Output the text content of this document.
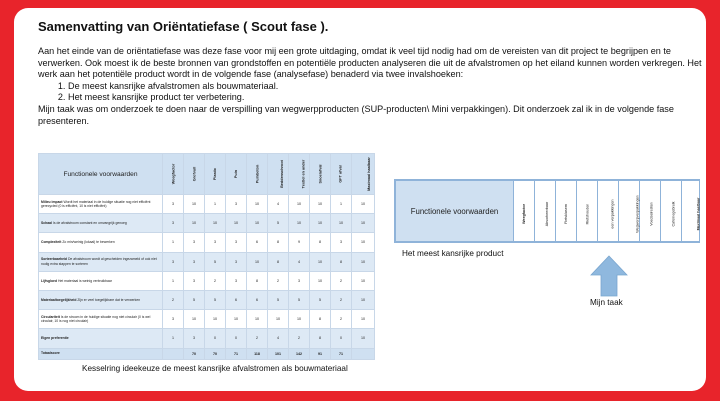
Samenvatting van Oriëntatiefase ( Scout fase ).

Aan het einde van de oriëntatiefase was deze fase voor mij een grote uitdaging, omdat ik veel tijd nodig had om de vereisten van dit project te begrijpen en te verwerken. Ook moest ik de beste bronnen van grondstoffen en potentiële producten analyseren die uit de afvalstromen op het eiland kunnen worden verkregen. Het werk aan het potentiële product wordt in de volgende fase (analysefase) benaderd via twee invalshoeken:

1. De meest kansrijke afvalstromen als bouwmateriaal.
2. Het meest kansrijke product ter verbetering.

Mijn taak was om onderzoek te doen naar de verspilling van wegwerpproducten (SUP-producten\ Mini verpakkingen). Dit onderzoek zal ik in de volgende fase presenteren.

Functionele voorwaarden	Weegfactor	Grofvuil	Plastic	Puin	Puinbeton	Beddenschroot	Textiel en ander	Snoeiafval	GFT afval	Maximaal haalbaar
Milieu impact Wordt het materiaal in de huidige situatie nog niet efficiënt gerecycled (0 is efficiënt, 10 is niet efficiënt)	3	10	1	3	10	4	10	10	1	10
Schaal Is de afvalstroom constant en omvangrijk genoeg	3	10	10	10	10	5	10	10	10	10
Complexiteit Zo min/weinig (lokaal) te bewerken	1	3	3	3	6	8	9	8	3	10
Sorteerbaarheid De afvalstroom wordt al gescheiden ingezameld of ook niet nodig extra stappen te sorteren	3	3	5	3	10	8	4	10	8	10
Lijfsgloed Het materiaal is weinig verbruikbaar	1	3	2	3	8	2	3	10	2	10
Materiaaltoegelijkheid Zijn er veel toegelijkbare dat te verwerken	2	5	5	6	6	5	5	5	2	10
Circulariteit Is de stroom in de huidige situatie nog niet circulair (0 is wel circulair, 10 is nog niet circulair)	3	10	10	10	10	10	10	8	2	10
Eigen preferentie	1	3	0	0	2	4	2	8	0	10
Totaalscore		70	70	71	118	101	142	91	71	
Kesselring ideekeuze de meest kansrijke afvalstromen als bouwmateriaal
Functionele voorwaarden	Weegfactor	Absorbeerbaar	Fietsklasem	Rietshouden	een verpakkingen	Wegwerpverpakkingen	Voedselresten	Cafeïnegebruik	Maximaal haalbaar
Het meest kansrijke product
Mijn taak
